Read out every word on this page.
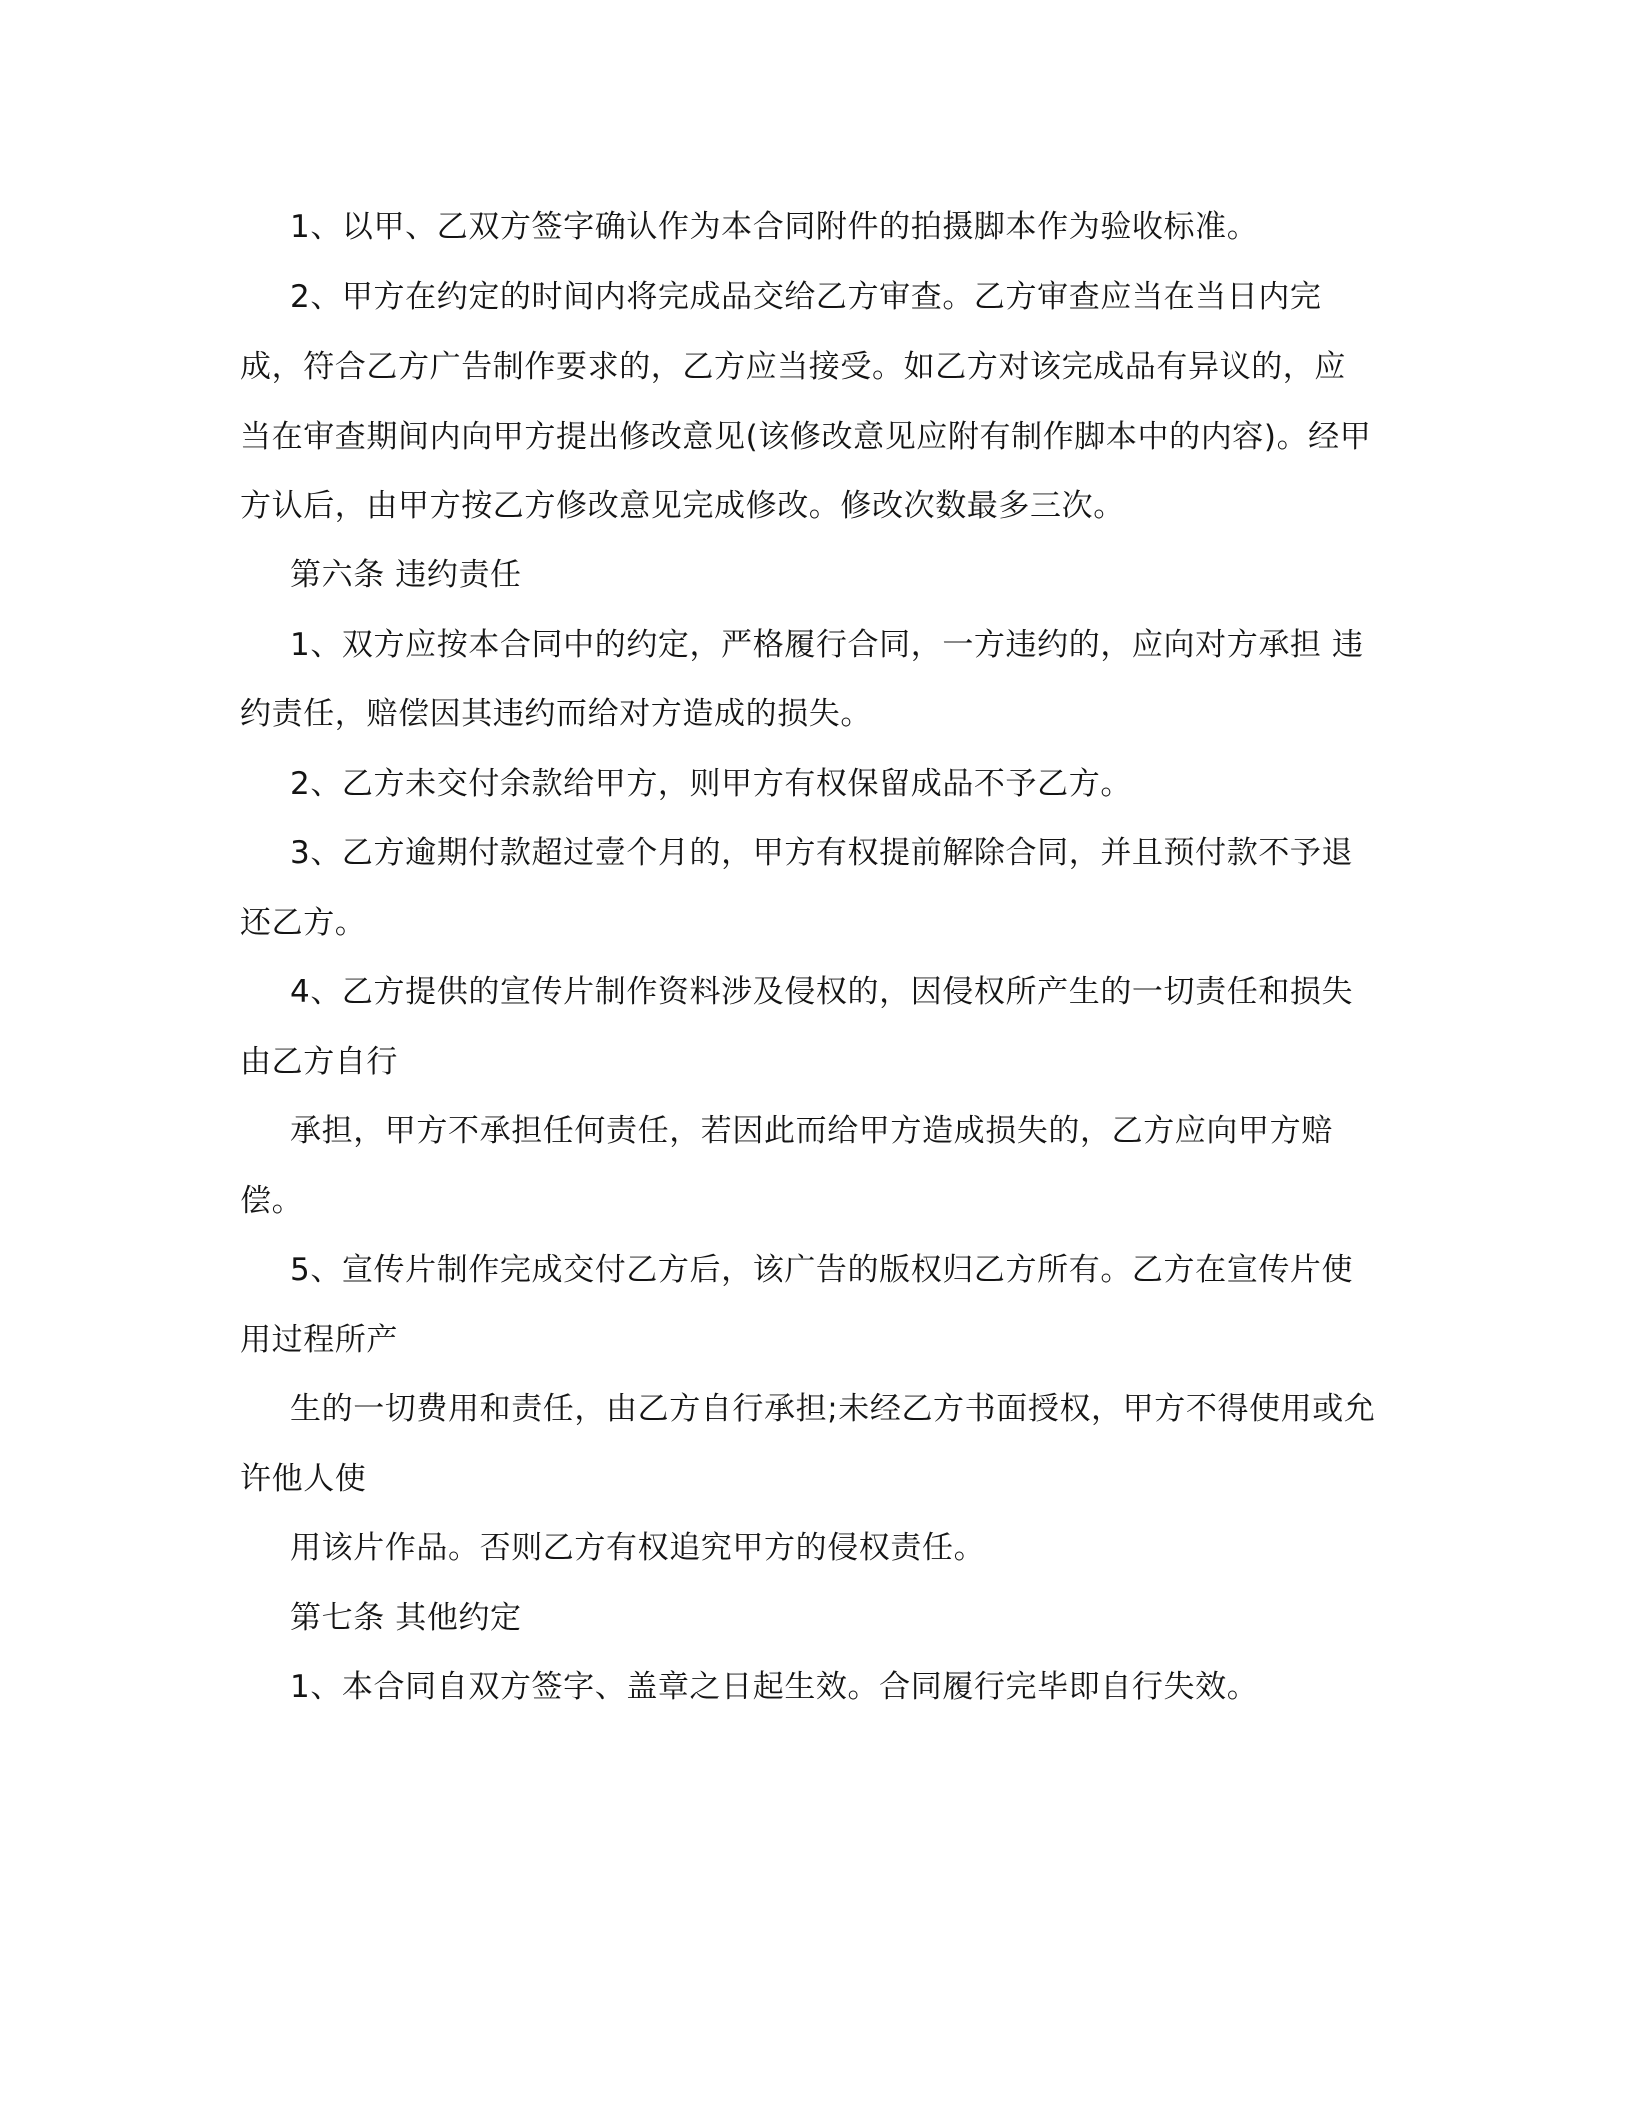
1、以甲、乙双方签字确认作为本合同附件的拍摄脚本作为验收标准。
2、甲方在约定的时间内将完成品交给乙方审查。乙方审查应当在当日内完
成，符合乙方广告制作要求的，乙方应当接受。如乙方对该完成品有异议的，应
当在审查期间内向甲方提出修改意见(该修改意见应附有制作脚本中的内容)。经甲
方认后，由甲方按乙方修改意见完成修改。修改次数最多三次。
第六条 违约责任
1、双方应按本合同中的约定，严格履行合同，一方违约的，应向对方承担 违
约责任，赔偿因其违约而给对方造成的损失。
2、乙方未交付余款给甲方，则甲方有权保留成品不予乙方。
3、乙方逾期付款超过壹个月的，甲方有权提前解除合同，并且预付款不予退
还乙方。
4、乙方提供的宣传片制作资料涉及侵权的，因侵权所产生的一切责任和损失
由乙方自行
承担，甲方不承担任何责任，若因此而给甲方造成损失的，乙方应向甲方赔
偿。
5、宣传片制作完成交付乙方后，该广告的版权归乙方所有。乙方在宣传片使
用过程所产
生的一切费用和责任，由乙方自行承担;未经乙方书面授权，甲方不得使用或允
许他人使
用该片作品。否则乙方有权追究甲方的侵权责任。
第七条 其他约定
1、本合同自双方签字、盖章之日起生效。合同履行完毕即自行失效。
